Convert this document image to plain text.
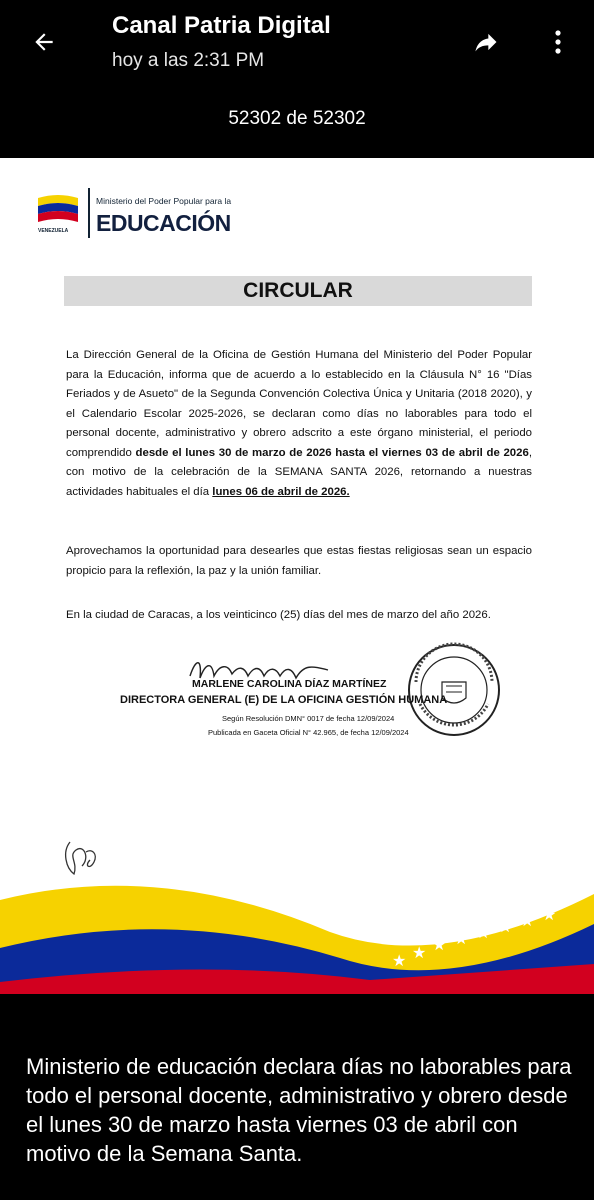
Canal Patria Digital
hoy a las 2:31 PM
52302 de 52302
VENEZUELA
Ministerio del Poder Popular para la
EDUCACIÓN
CIRCULAR
La Dirección General de la Oficina de Gestión Humana del Ministerio del Poder Popular para la Educación, informa que de acuerdo a lo establecido en la Cláusula N° 16 "Días Feriados y de Asueto" de la Segunda Convención Colectiva Única y Unitaria (2018 2020), y el Calendario Escolar 2025-2026, se declaran como días no laborables para todo el personal docente, administrativo y obrero adscrito a este órgano ministerial, el periodo comprendido desde el lunes 30 de marzo de 2026 hasta el viernes 03 de abril de 2026, con motivo de la celebración de la SEMANA SANTA 2026, retornando a nuestras actividades habituales el día lunes 06 de abril de 2026.
Aprovechamos la oportunidad para desearles que estas fiestas religiosas sean un espacio propicio para la reflexión, la paz y la unión familiar.
En la ciudad de Caracas, a los veinticinco (25) días del mes de marzo del año 2026.
MARLENE CAROLINA DÍAZ MARTÍNEZ
DIRECTORA GENERAL (E) DE LA OFICINA GESTIÓN HUMANA
Según Resolución DMN° 0017 de fecha 12/09/2024
Publicada en Gaceta Oficial N° 42.965, de fecha 12/09/2024
★ ★ ★ ★ ★ ★ ★ ★
Ministerio de educación declara días no laborables para todo el personal docente, administrativo y obrero desde el lunes 30 de marzo hasta viernes 03 de abril con motivo de la Semana Santa.
